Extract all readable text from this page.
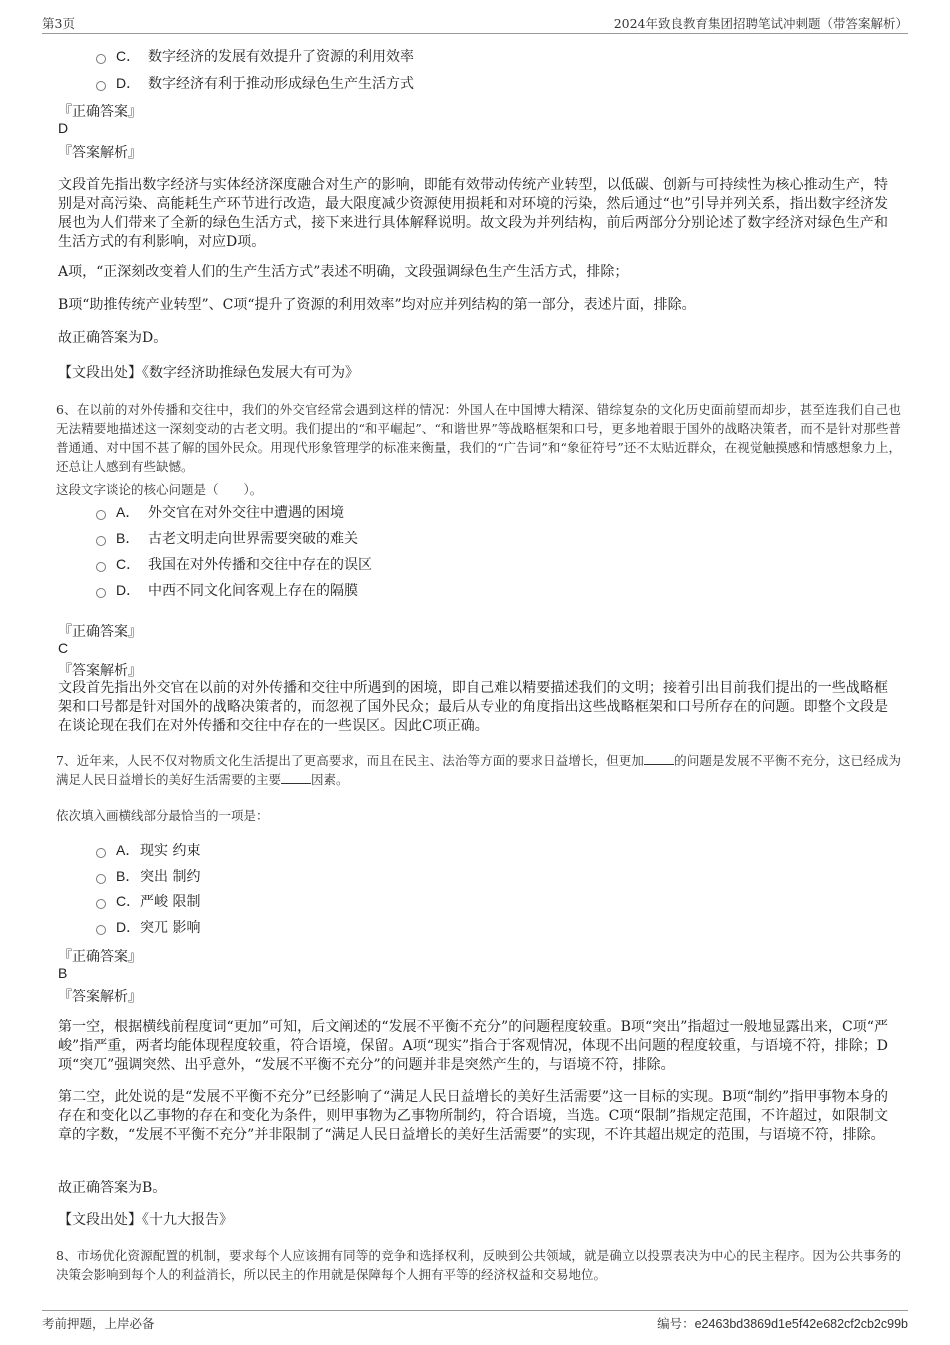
第3页	2024年致良教育集团招聘笔试冲刺题（带答案解析）
C． 数字经济的发展有效提升了资源的利用效率
D． 数字经济有利于推动形成绿色生产生活方式
『正确答案』
D
『答案解析』
文段首先指出数字经济与实体经济深度融合对生产的影响，即能有效带动传统产业转型，以低碳、创新与可持续性为核心推动生产，特别是对高污染、高能耗生产环节进行改造，最大限度减少资源使用损耗和对环境的污染，然后通过“也”引导并列关系，指出数字经济发展也为人们带来了全新的绿色生活方式，接下来进行具体解释说明。故文段为并列结构，前后两部分分别论述了数字经济对绿色生产和生活方式的有利影响，对应D项。
A项，“正深刻改变着人们的生产生活方式”表述不明确，文段强调绿色生产生活方式，排除；
B项“助推传统产业转型”、C项“提升了资源的利用效率”均对应并列结构的第一部分，表述片面，排除。
故正确答案为D。
【文段出处】《数字经济助推绿色发展大有可为》
6、在以前的对外传播和交往中，我们的外交官经常会遇到这样的情况：外国人在中国博大精深、错综复杂的文化历史面前望而却步，甚至连我们自己也无法精要地描述这一深刻变动的古老文明。我们提出的“和平崛起”、“和谐世界”等战略框架和口号，更多地着眼于国外的战略决策者，而不是针对那些普普通通、对中国不甚了解的国外民众。用现代形象管理学的标准来衡量，我们的“广告词”和“象征符号”还不太贴近群众，在视觉触摸感和情感想象力上，还总让人感到有些缺憾。
这段文字谈论的核心问题是（　　）。
A． 外交官在对外交往中遭遇的困境
B． 古老文明走向世界需要突破的难关
C． 我国在对外传播和交往中存在的误区
D． 中西不同文化间客观上存在的隔膜
『正确答案』
C
『答案解析』
文段首先指出外交官在以前的对外传播和交往中所遇到的困境，即自己难以精要描述我们的文明；接着引出目前我们提出的一些战略框架和口号都是针对国外的战略决策者的，而忽视了国外民众；最后从专业的角度指出这些战略框架和口号所存在的问题。即整个文段是在谈论现在我们在对外传播和交往中存在的一些误区。因此C项正确。
7、近年来，人民不仅对物质文化生活提出了更高要求，而且在民主、法治等方面的要求日益增长，但更加 的问题是发展不平衡不充分，这已经成为满足人民日益增长的美好生活需要的主要 因素。
依次填入画横线部分最恰当的一项是：
A． 现实 约束
B． 突出 制约
C． 严峻 限制
D． 突兀 影响
『正确答案』
B
『答案解析』
第一空，根据横线前程度词“更加”可知，后文阐述的“发展不平衡不充分”的问题程度较重。B项“突出”指超过一般地显露出来，C项“严峻”指严重，两者均能体现程度较重，符合语境，保留。A项“现实”指合于客观情况，体现不出问题的程度较重，与语境不符，排除；D项“突兀”强调突然、出乎意外，“发展不平衡不充分”的问题并非是突然产生的，与语境不符，排除。
第二空，此处说的是“发展不平衡不充分”已经影响了“满足人民日益增长的美好生活需要”这一目标的实现。B项“制约”指甲事物本身的存在和变化以乙事物的存在和变化为条件，则甲事物为乙事物所制约，符合语境，当选。C项“限制”指规定范围，不许超过，如限制文章的字数，“发展不平衡不充分”并非限制了“满足人民日益增长的美好生活需要”的实现，不许其超出规定的范围，与语境不符，排除。
故正确答案为B。
【文段出处】《十九大报告》
8、市场优化资源配置的机制，要求每个人应该拥有同等的竞争和选择权利，反映到公共领域，就是确立以投票表决为中心的民主程序。因为公共事务的决策会影响到每个人的利益消长，所以民主的作用就是保障每个人拥有平等的经济权益和交易地位。
考前押题，上岸必备	编号：e2463bd3869d1e5f42e682cf2cb2c99b
